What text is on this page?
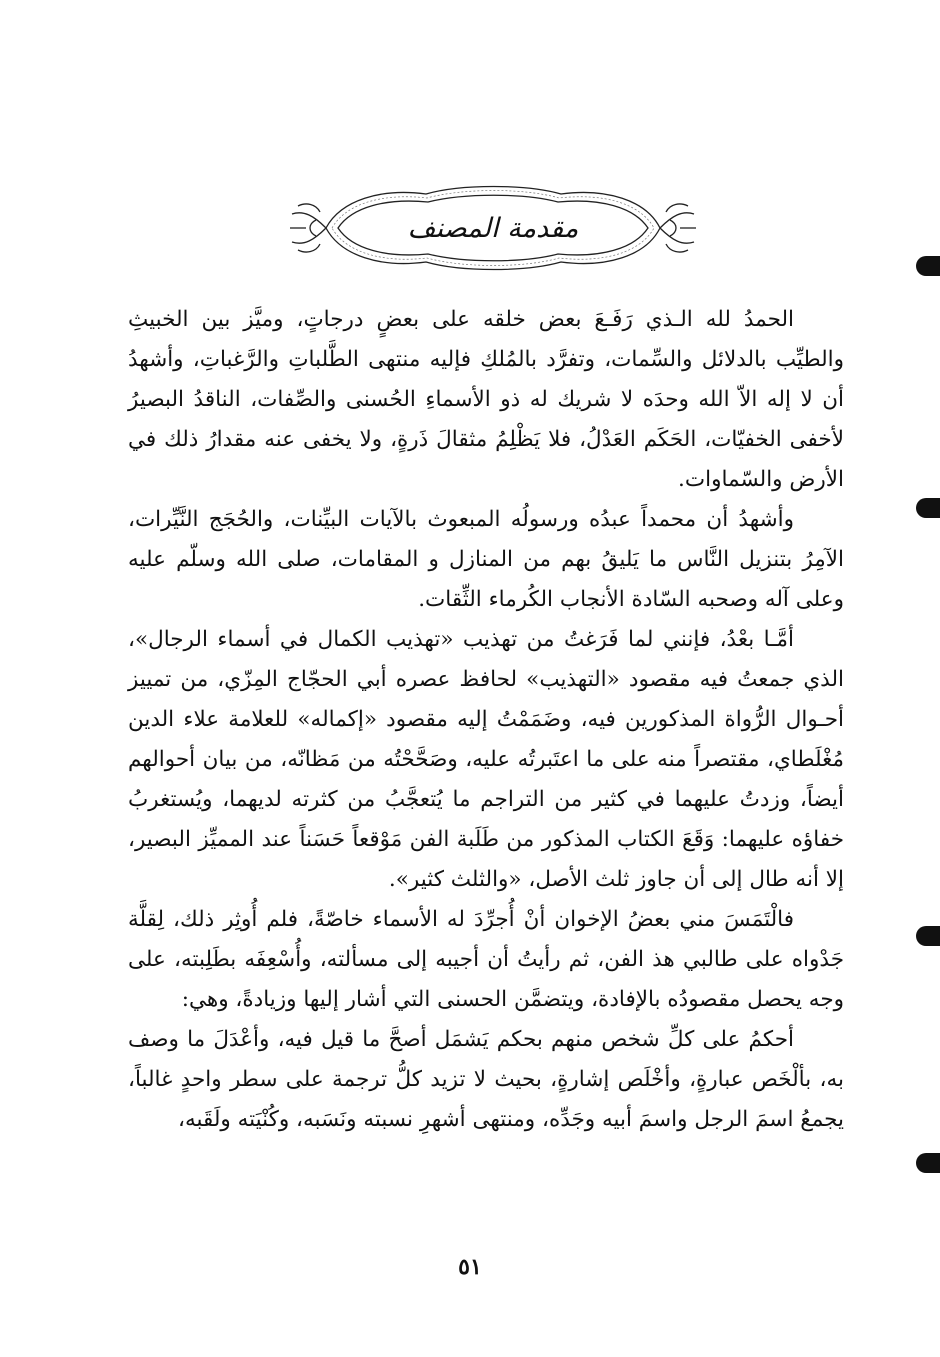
مقدمة المصنف

الحمدُ لله الـذي رَفَـعَ بعض خلقه على بعضٍ درجاتٍ، وميَّز بين الخبيثِ والطيِّب بالدلائل والسِّمات، وتفرَّد بالمُلكِ فإليه منتهى الطَّلباتِ والرَّغباتِ، وأشهدُ أن لا إله الاّ الله وحدَه لا شريك له ذو الأسماءِ الحُسنى والصِّفات، الناقدُ البصيرُ لأخفى الخفيّات، الحَكَم العَدْلُ، فلا يَظْلِمُ مثقالَ ذَرةٍ، ولا يخفى عنه مقدارُ ذلك في الأرض والسّماوات.

وأشهدُ أن محمداً عبدُه ورسولُه المبعوث بالآيات البيِّنات، والحُجَج النَّيِّرات، الآمِرُ بتنزيل النَّاس ما يَليقُ بهم من المنازل و المقامات، صلى الله وسلّم عليه وعلى آله وصحبه السّادة الأنجاب الكُرماء الثِّقات.

أمَّـا بعْدُ، فإنني لما فَرَغتُ من تهذيب «تهذيب الكمال في أسماء الرجال»، الذي جمعتُ فيه مقصود «التهذيب» لحافظ عصره أبي الحجّاج المِزّي، من تمييز أحـوال الرُّواة المذكورين فيه، وضَمَمْتُ إليه مقصود «إكماله» للعلامة علاء الدين مُغْلَطاي، مقتصراً منه على ما اعتَبرتُه عليه، وصَحَّحْتُه من مَظانّه، من بيان أحوالهم أيضاً، وزدتُ عليهما في كثير من التراجم ما يُتعجَّبُ من كثرته لديهما، ويُستغربُ خفاؤه عليهما: وَقَعَ الكتاب المذكور من طَلَبة الفن مَوْقعاً حَسَناً عند المميِّز البصير، إلا أنه طال إلى أن جاوز ثلث الأصل، «والثلث كثير».

فالْتَمَسَ مني بعضُ الإخوان أنْ أُجرِّدَ له الأسماء خاصّةً، فلم أُوثِر ذلك، لِقلَّة جَدْواه على طالبي هذ الفن، ثم رأيتُ أن أجيبه إلى مسألته، وأُسْعِفَه بطَلِبته، على وجه يحصل مقصودُه بالإفادة، ويتضمَّن الحسنى التي أشار إليها وزيادةً، وهي:

أحكمُ على كلِّ شخص منهم بحكم يَشمَل أصحَّ ما قيل فيه، وأعْدَلَ ما وصف به، بألْخَص عبارةٍ، وأخْلَص إشارةٍ، بحيث لا تزيد كلُّ ترجمة على سطر واحدٍ غالباً، يجمعُ اسمَ الرجل واسمَ أبيه وجَدِّه، ومنتهى أشهرِ نسبته ونَسَبه، وكُنْيَته ولَقَبه،

٥١
